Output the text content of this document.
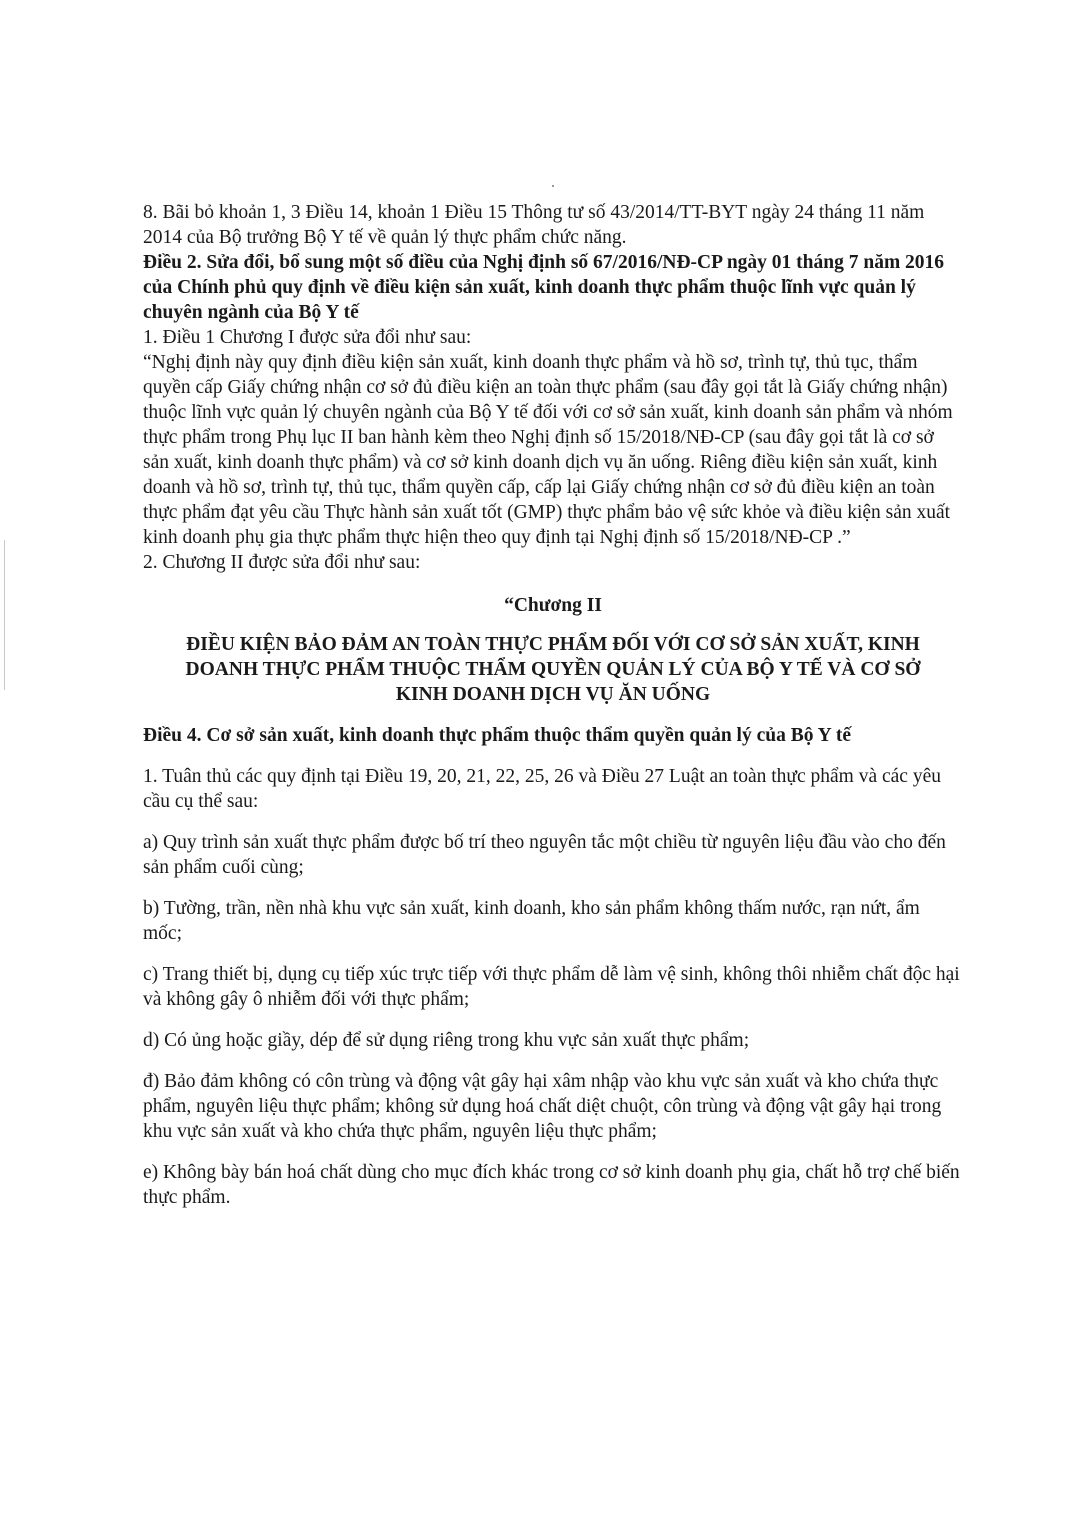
8. Bãi bỏ khoản 1, 3 Điều 14, khoản 1 Điều 15 Thông tư số 43/2014/TT-BYT ngày 24 tháng 11 năm 2014 của Bộ trưởng Bộ Y tế về quản lý thực phẩm chức năng.

Điều 2. Sửa đổi, bổ sung một số điều của Nghị định số 67/2016/NĐ-CP ngày 01 tháng 7 năm 2016 của Chính phủ quy định về điều kiện sản xuất, kinh doanh thực phẩm thuộc lĩnh vực quản lý chuyên ngành của Bộ Y tế

1. Điều 1 Chương I được sửa đổi như sau:

“Nghị định này quy định điều kiện sản xuất, kinh doanh thực phẩm và hồ sơ, trình tự, thủ tục, thẩm quyền cấp Giấy chứng nhận cơ sở đủ điều kiện an toàn thực phẩm (sau đây gọi tắt là Giấy chứng nhận) thuộc lĩnh vực quản lý chuyên ngành của Bộ Y tế đối với cơ sở sản xuất, kinh doanh sản phẩm và nhóm thực phẩm trong Phụ lục II ban hành kèm theo Nghị định số 15/2018/NĐ-CP (sau đây gọi tắt là cơ sở sản xuất, kinh doanh thực phẩm) và cơ sở kinh doanh dịch vụ ăn uống. Riêng điều kiện sản xuất, kinh doanh và hồ sơ, trình tự, thủ tục, thẩm quyền cấp, cấp lại Giấy chứng nhận cơ sở đủ điều kiện an toàn thực phẩm đạt yêu cầu Thực hành sản xuất tốt (GMP) thực phẩm bảo vệ sức khỏe và điều kiện sản xuất kinh doanh phụ gia thực phẩm thực hiện theo quy định tại Nghị định số 15/2018/NĐ-CP .”

2. Chương II được sửa đổi như sau:

“Chương II
ĐIỀU KIỆN BẢO ĐẢM AN TOÀN THỰC PHẨM ĐỐI VỚI CƠ SỞ SẢN XUẤT, KINH DOANH THỰC PHẨM THUỘC THẨM QUYỀN QUẢN LÝ CỦA BỘ Y TẾ VÀ CƠ SỞ KINH DOANH DỊCH VỤ ĂN UỐNG
Điều 4. Cơ sở sản xuất, kinh doanh thực phẩm thuộc thẩm quyền quản lý của Bộ Y tế

1. Tuân thủ các quy định tại Điều 19, 20, 21, 22, 25, 26 và Điều 27 Luật an toàn thực phẩm và các yêu cầu cụ thể sau:

a) Quy trình sản xuất thực phẩm được bố trí theo nguyên tắc một chiều từ nguyên liệu đầu vào cho đến sản phẩm cuối cùng;

b) Tường, trần, nền nhà khu vực sản xuất, kinh doanh, kho sản phẩm không thấm nước, rạn nứt, ẩm mốc;

c) Trang thiết bị, dụng cụ tiếp xúc trực tiếp với thực phẩm dễ làm vệ sinh, không thôi nhiễm chất độc hại và không gây ô nhiễm đối với thực phẩm;

d) Có ủng hoặc giầy, dép để sử dụng riêng trong khu vực sản xuất thực phẩm;

đ) Bảo đảm không có côn trùng và động vật gây hại xâm nhập vào khu vực sản xuất và kho chứa thực phẩm, nguyên liệu thực phẩm; không sử dụng hoá chất diệt chuột, côn trùng và động vật gây hại trong khu vực sản xuất và kho chứa thực phẩm, nguyên liệu thực phẩm;

e) Không bày bán hoá chất dùng cho mục đích khác trong cơ sở kinh doanh phụ gia, chất hỗ trợ chế biến thực phẩm.
